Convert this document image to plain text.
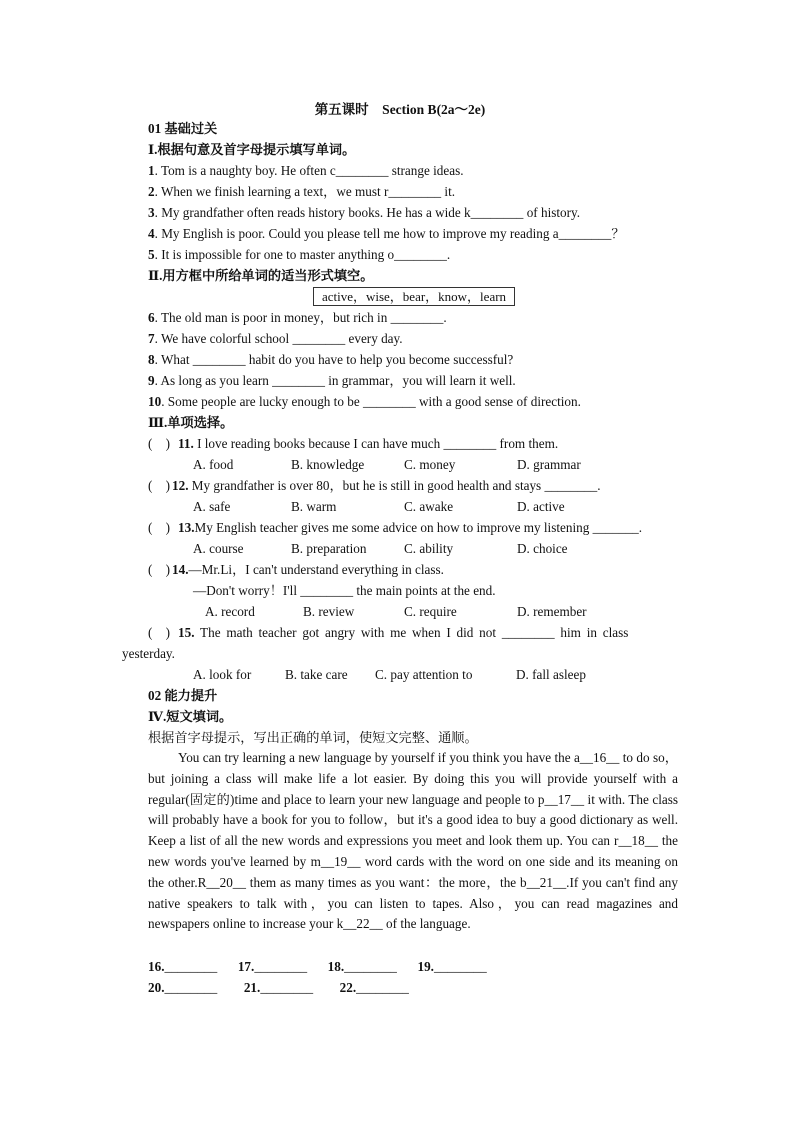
第五课时　Section B(2a～2e)
01 基础过关
Ⅰ.根据句意及首字母提示填写单词。
1. Tom is a naughty boy. He often c________ strange ideas.
2. When we finish learning a text，we must r________ it.
3. My grandfather often reads history books. He has a wide k________ of history.
4. My English is poor. Could you please tell me how to improve my reading a________？
5. It is impossible for one to master anything o________.
Ⅱ.用方框中所给单词的适当形式填空。
active，wise，bear，know，learn
6. The old man is poor in money，but rich in ________.
7. We have colorful school ________ every day.
8. What ________ habit do you have to help you become successful?
9. As long as you learn ________ in grammar，you will learn it well.
10. Some people are lucky enough to be ________ with a good sense of direction.
Ⅲ.单项选择。
(　) 11. I love reading books because I can have much ________ from them.
A. food	B. knowledge	C. money	D. grammar
(　) 12. My grandfather is over 80，but he is still in good health and stays ________.
A. safe	B. warm	C. awake	D. active
(　) 13.My English teacher gives me some advice on how to improve my listening _______.
A. course	B. preparation	C. ability	D. choice
(　) 14.—Mr.Li，I can't understand everything in class.
—Don't worry！I'll ________ the main points at the end.
A. record	B. review	C. require	D. remember
(　) 15. The math teacher got angry with me when I did not ________ him in class
yesterday.
A. look for	B. take care C. pay attention to	D. fall asleep
02 能力提升
Ⅳ.短文填词。
根据首字母提示，写出正确的单词，使短文完整、通顺。
You can try learning a new language by yourself if you think you have the a__16__ to do so，but joining a class will make life a lot easier. By doing this you will provide yourself with a regular(固定的)time and place to learn your new language and people to p__17__ it with. The class will probably have a book for you to follow，but it's a good idea to buy a good dictionary as well. Keep a list of all the new words and expressions you meet and look them up. You can r__18__ the new words you've learned by m__19__ word cards with the word on one side and its meaning on the other.R__20__ them as many times as you want：the more，the b__21__.If you can't find any native speakers to talk with，you can listen to tapes. Also，you can read magazines and newspapers online to increase your k__22__ of the language.
16.________ 17.________ 18.________ 19.________
20.________ 21.________ 22.________
